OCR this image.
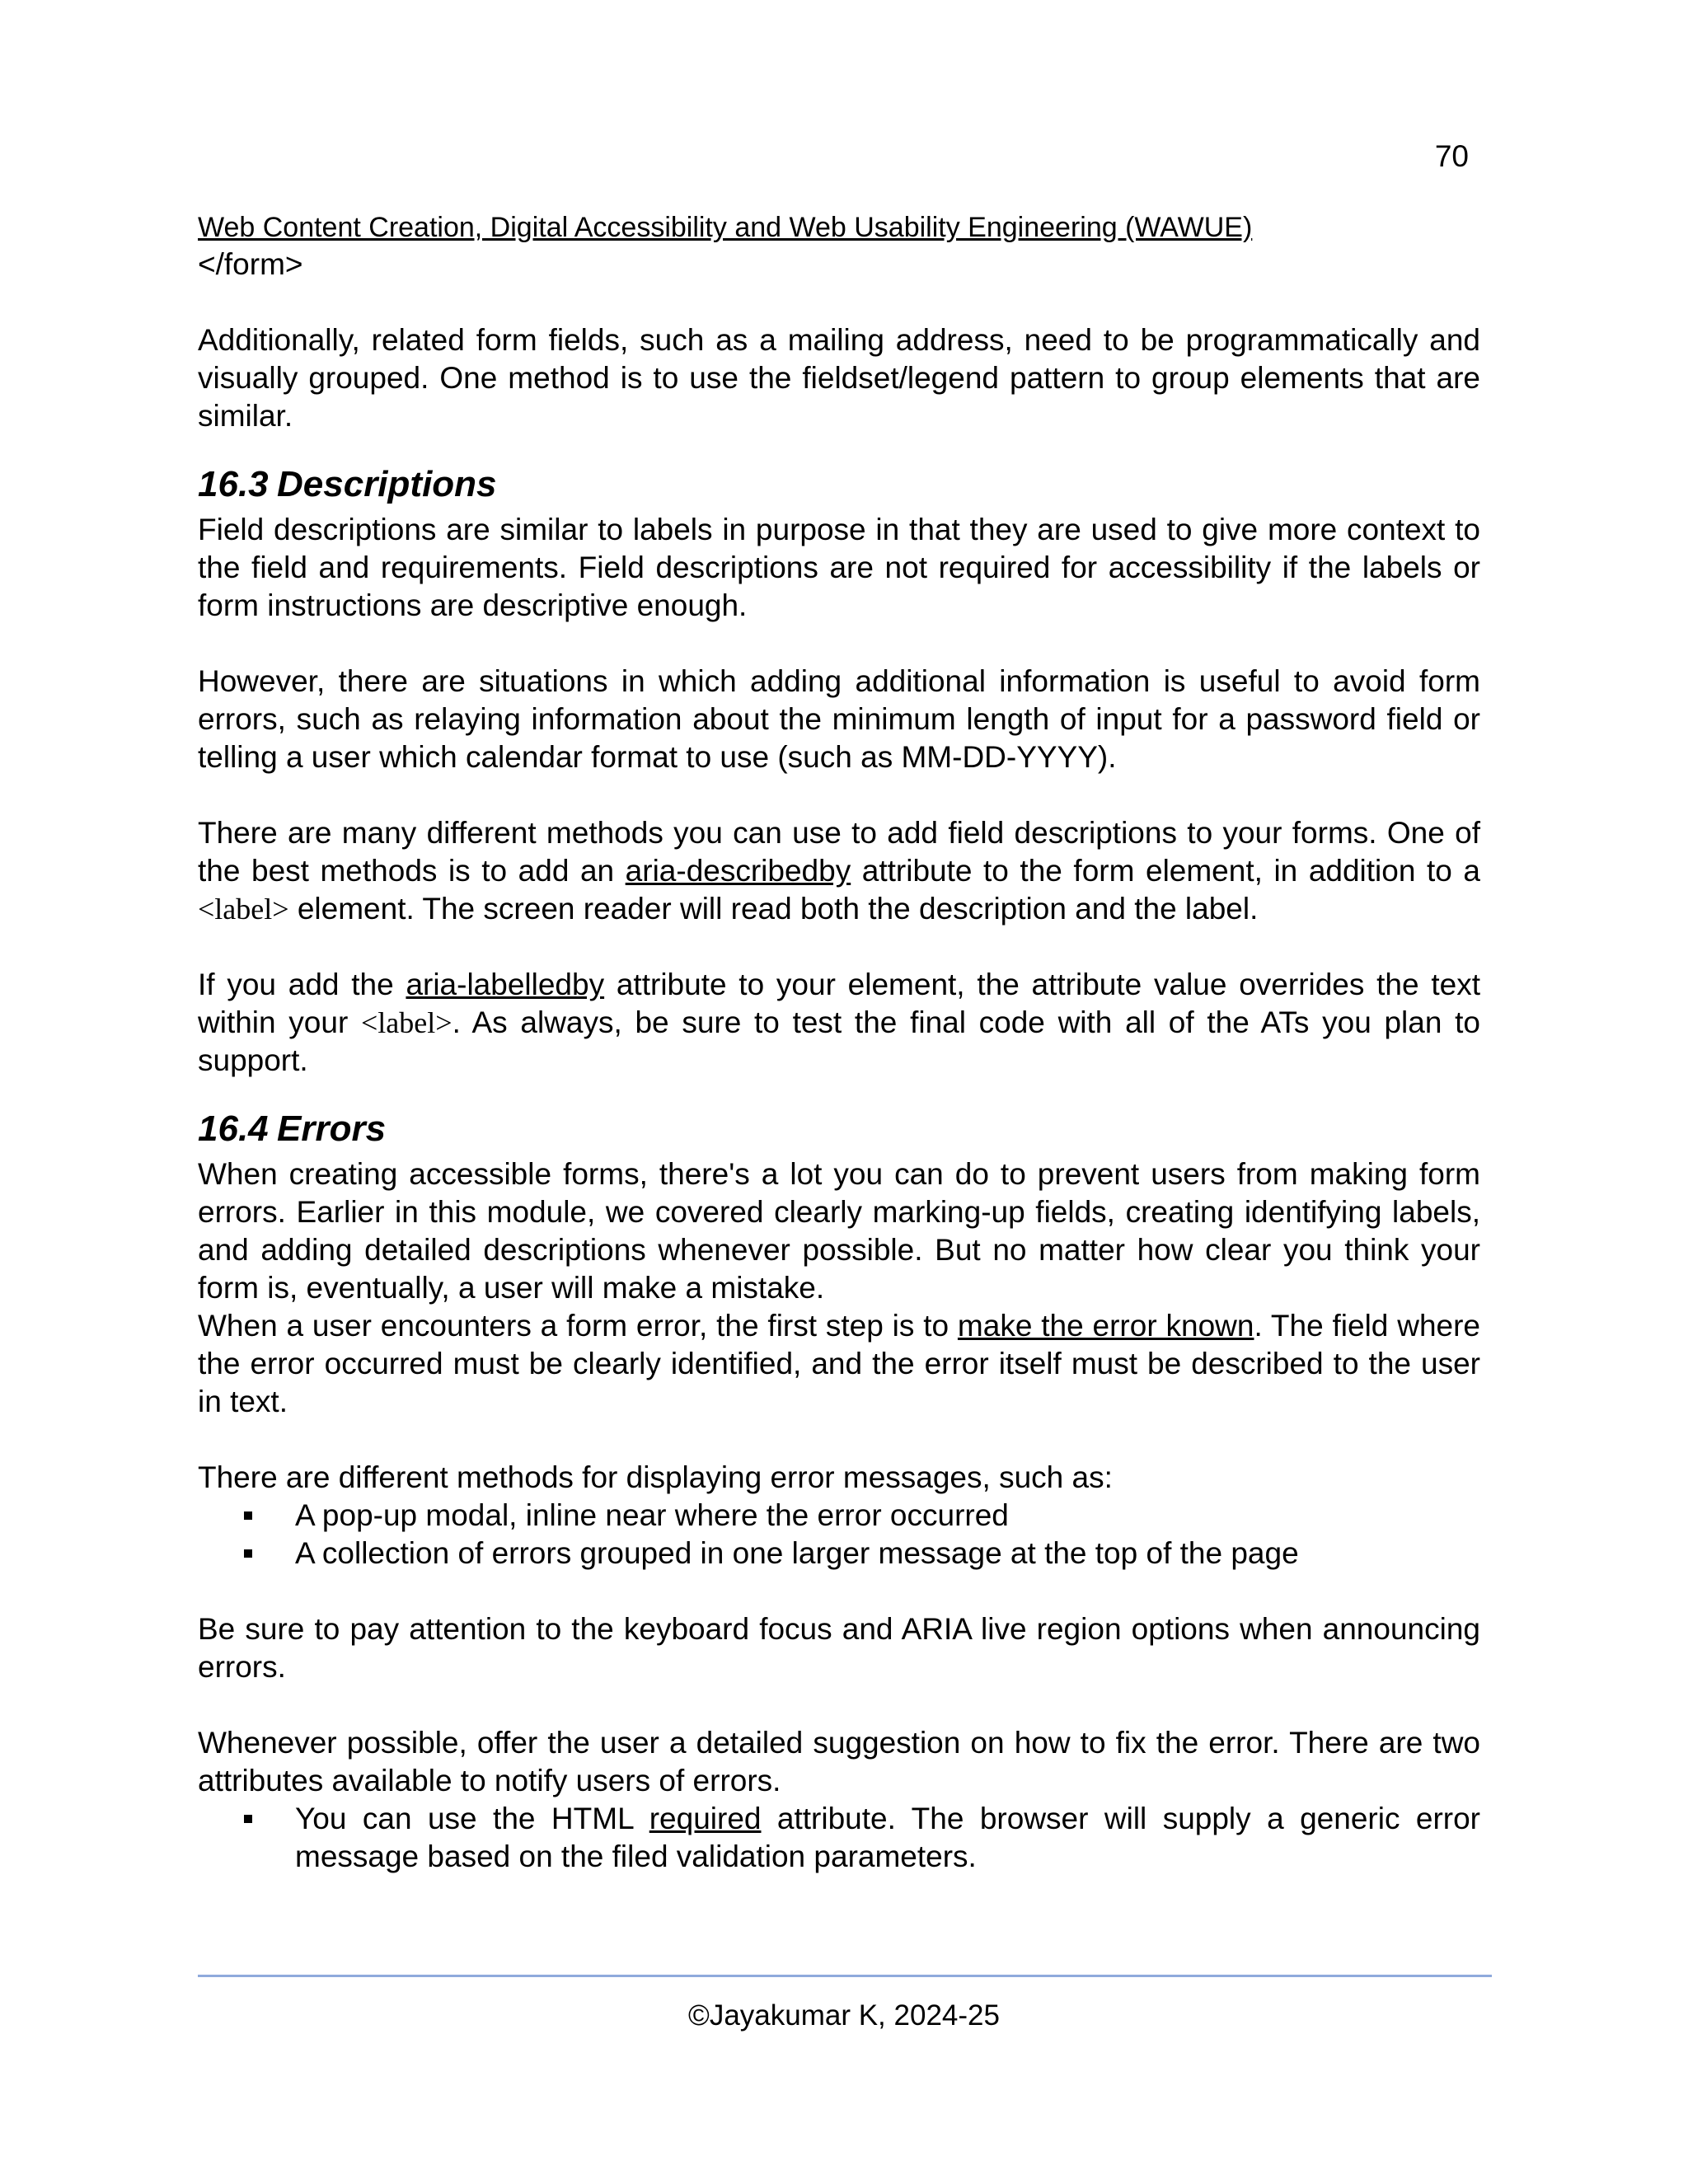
70
Web Content Creation, Digital Accessibility and Web Usability Engineering (WAWUE)
</form>

Additionally, related form fields, such as a mailing address, need to be programmatically and visually grouped. One method is to use the fieldset/legend pattern to group elements that are similar.

16.3 Descriptions

Field descriptions are similar to labels in purpose in that they are used to give more context to the field and requirements. Field descriptions are not required for accessibility if the labels or form instructions are descriptive enough.

However, there are situations in which adding additional information is useful to avoid form errors, such as relaying information about the minimum length of input for a password field or telling a user which calendar format to use (such as MM-DD-YYYY).

There are many different methods you can use to add field descriptions to your forms. One of the best methods is to add an aria-describedby attribute to the form element, in addition to a <label> element. The screen reader will read both the description and the label.

If you add the aria-labelledby attribute to your element, the attribute value overrides the text within your <label>. As always, be sure to test the final code with all of the ATs you plan to support.

16.4 Errors

When creating accessible forms, there's a lot you can do to prevent users from making form errors. Earlier in this module, we covered clearly marking-up fields, creating identifying labels, and adding detailed descriptions whenever possible. But no matter how clear you think your form is, eventually, a user will make a mistake.

When a user encounters a form error, the first step is to make the error known. The field where the error occurred must be clearly identified, and the error itself must be described to the user in text.

There are different methods for displaying error messages, such as:

A pop-up modal, inline near where the error occurred
A collection of errors grouped in one larger message at the top of the page

Be sure to pay attention to the keyboard focus and ARIA live region options when announcing errors.

Whenever possible, offer the user a detailed suggestion on how to fix the error. There are two attributes available to notify users of errors.

You can use the HTML required attribute. The browser will supply a generic error message based on the filed validation parameters.
©Jayakumar K, 2024-25
